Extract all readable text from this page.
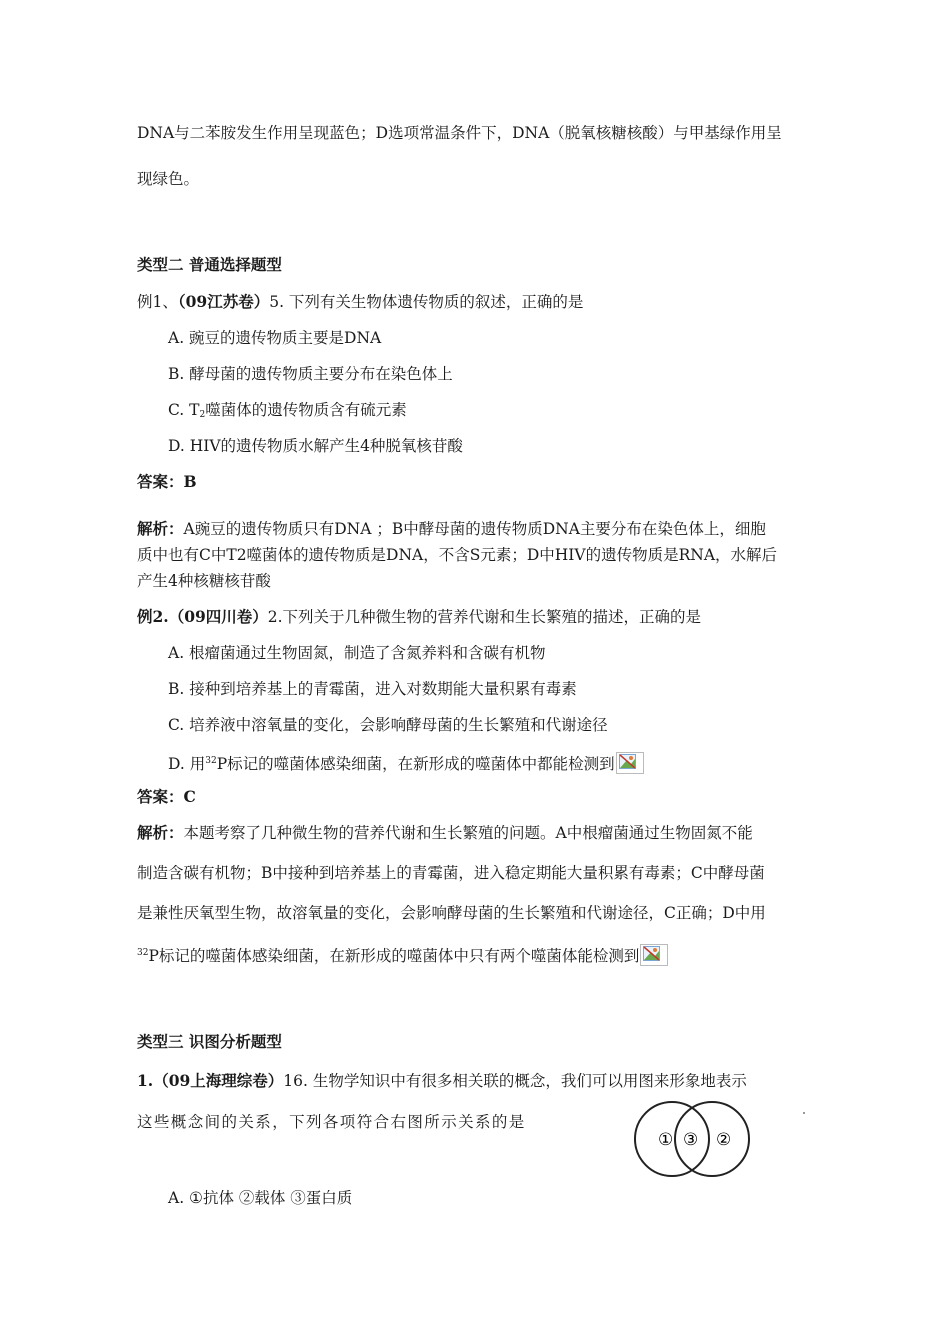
DNA与二苯胺发生作用呈现蓝色；D选项常温条件下，DNA（脱氧核糖核酸）与甲基绿作用呈
现绿色。
类型二 普通选择题型
例1、（09江苏卷）5. 下列有关生物体遗传物质的叙述，正确的是
A. 豌豆的遗传物质主要是DNA
B. 酵母菌的遗传物质主要分布在染色体上
C. $T_2$噬菌体的遗传物质含有硫元素
D. HIV的遗传物质水解产生4种脱氧核苷酸
答案：B
解析：A豌豆的遗传物质只有DNA ；B中酵母菌的遗传物质DNA主要分布在染色体上，细胞
质中也有C中T2噬菌体的遗传物质是DNA，不含S元素；D中HIV的遗传物质是RNA，水解后
产生4种核糖核苷酸
例2.（09四川卷）2.下列关于几种微生物的营养代谢和生长繁殖的描述，正确的是
A. 根瘤菌通过生物固氮，制造了含氮养料和含碳有机物
B. 接种到培养基上的青霉菌，进入对数期能大量积累有毒素
C. 培养液中溶氧量的变化，会影响酵母菌的生长繁殖和代谢途径
D. 用$^{32}$P标记的噬菌体感染细菌，在新形成的噬菌体中都能检测到
答案：C
解析：本题考察了几种微生物的营养代谢和生长繁殖的问题。A中根瘤菌通过生物固氮不能
制造含碳有机物；B中接种到培养基上的青霉菌，进入稳定期能大量积累有毒素；C中酵母菌
是兼性厌氧型生物，故溶氧量的变化，会影响酵母菌的生长繁殖和代谢途径，C正确；D中用
$^{32}$P标记的噬菌体感染细菌，在新形成的噬菌体中只有两个噬菌体能检测到
类型三 识图分析题型
1.（09上海理综卷）16. 生物学知识中有很多相关联的概念，我们可以用图来形象地表示
这些概念间的关系，下列各项符合右图所示关系的是
① ③ ②
A. ①抗体 ②载体 ③蛋白质
